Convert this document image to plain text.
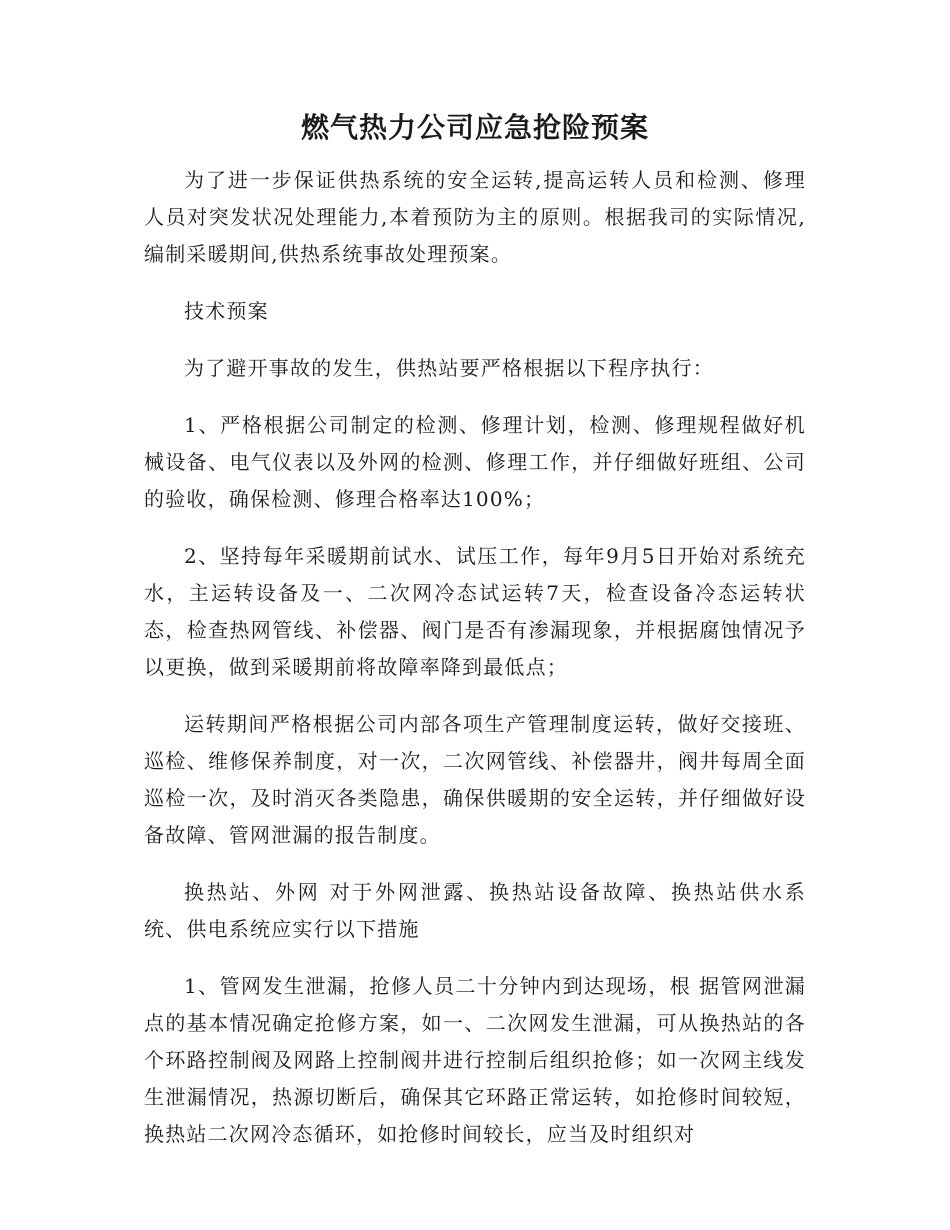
燃气热力公司应急抢险预案

为了进一步保证供热系统的安全运转,提高运转人员和检测、修理人员对突发状况处理能力,本着预防为主的原则。根据我司的实际情况,编制采暖期间,供热系统事故处理预案。

技术预案

为了避开事故的发生，供热站要严格根据以下程序执行：

1、严格根据公司制定的检测、修理计划，检测、修理规程做好机械设备、电气仪表以及外网的检测、修理工作，并仔细做好班组、公司的验收，确保检测、修理合格率达100%；

2、坚持每年采暖期前试水、试压工作，每年9月5日开始对系统充水，主运转设备及一、二次网冷态试运转7天，检查设备冷态运转状态，检查热网管线、补偿器、阀门是否有渗漏现象，并根据腐蚀情况予以更换，做到采暖期前将故障率降到最低点；

运转期间严格根据公司内部各项生产管理制度运转，做好交接班、巡检、维修保养制度，对一次，二次网管线、补偿器井，阀井每周全面巡检一次，及时消灭各类隐患，确保供暖期的安全运转，并仔细做好设备故障、管网泄漏的报告制度。

换热站、外网 对于外网泄露、换热站设备故障、换热站供水系统、供电系统应实行以下措施

1、管网发生泄漏，抢修人员二十分钟内到达现场，根 据管网泄漏点的基本情况确定抢修方案，如一、二次网发生泄漏，可从换热站的各个环路控制阀及网路上控制阀井进行控制后组织抢修；如一次网主线发生泄漏情况，热源切断后，确保其它环路正常运转，如抢修时间较短，换热站二次网冷态循环，如抢修时间较长，应当及时组织对
